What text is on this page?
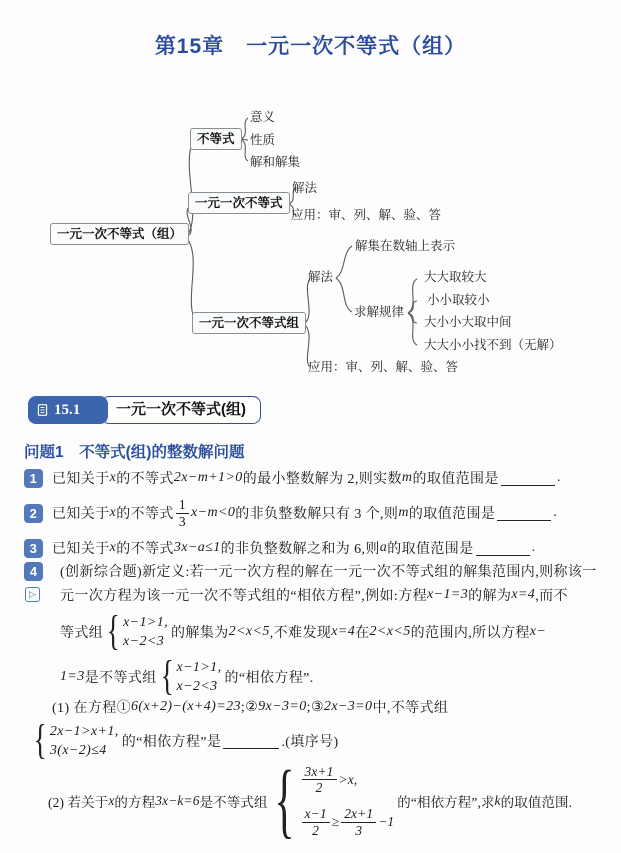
第15章　一元一次不等式（组）
一元一次不等式（组）
不等式
一元一次不等式
一元一次不等式组
意义
性质
解和解集
解法
应用：审、列、解、验、答
解集在数轴上表示
解法
求解规律
大大取较大
小小取较小
大小小大取中间
大大小小找不到（无解）
应用：审、列、解、验、答
一元一次不等式(组)
15.1
问题1　不等式(组)的整数解问题
1	已知关于 x 的不等式 2x−m+1>0 的最小整数解为 2,则实数 m 的取值范围是	.
2	已知关于 x 的不等式 $\frac{1}{3} x-m<0$ 的非负整数解只有 3 个,则 m 的取值范围是	.
3	已知关于 x 的不等式 3x−a≤1 的非负整数解之和为 6,则 a 的取值范围是	.
4
▷
(创新综合题)新定义:若一元一次方程的解在一元一次不等式组的解集范围内,则称该一
元一次方程为该一元一次不等式组的“相依方程”,例如:方程 x−1=3 的解为 x=4 ,而不
等式组 { x−1>1,
x−2<3 的解集为 2<x<5 ,不难发现 x=4 在 2<x<5 的范围内,所以方程 x−
1=3 是不等式组 { x−1>1,
x−2<3 的“相依方程”.
(1) 在方程① 6(x+2)−(x+4)=23 ;② 9x−3=0 ;③ 2x−3=0 中,不等式组
{ 2x−1>x+1,
3(x−2)≤4 的“相依方程”是	.(填序号)
(2) 若关于 x 的方程 3x−k=6 是不等式组 { $\frac{3x+1}{2} >x$,
$\frac{x-1}{2} \ge \frac{2x+1}{3} -1$
的“相依方程”,求 k 的取值范围.
